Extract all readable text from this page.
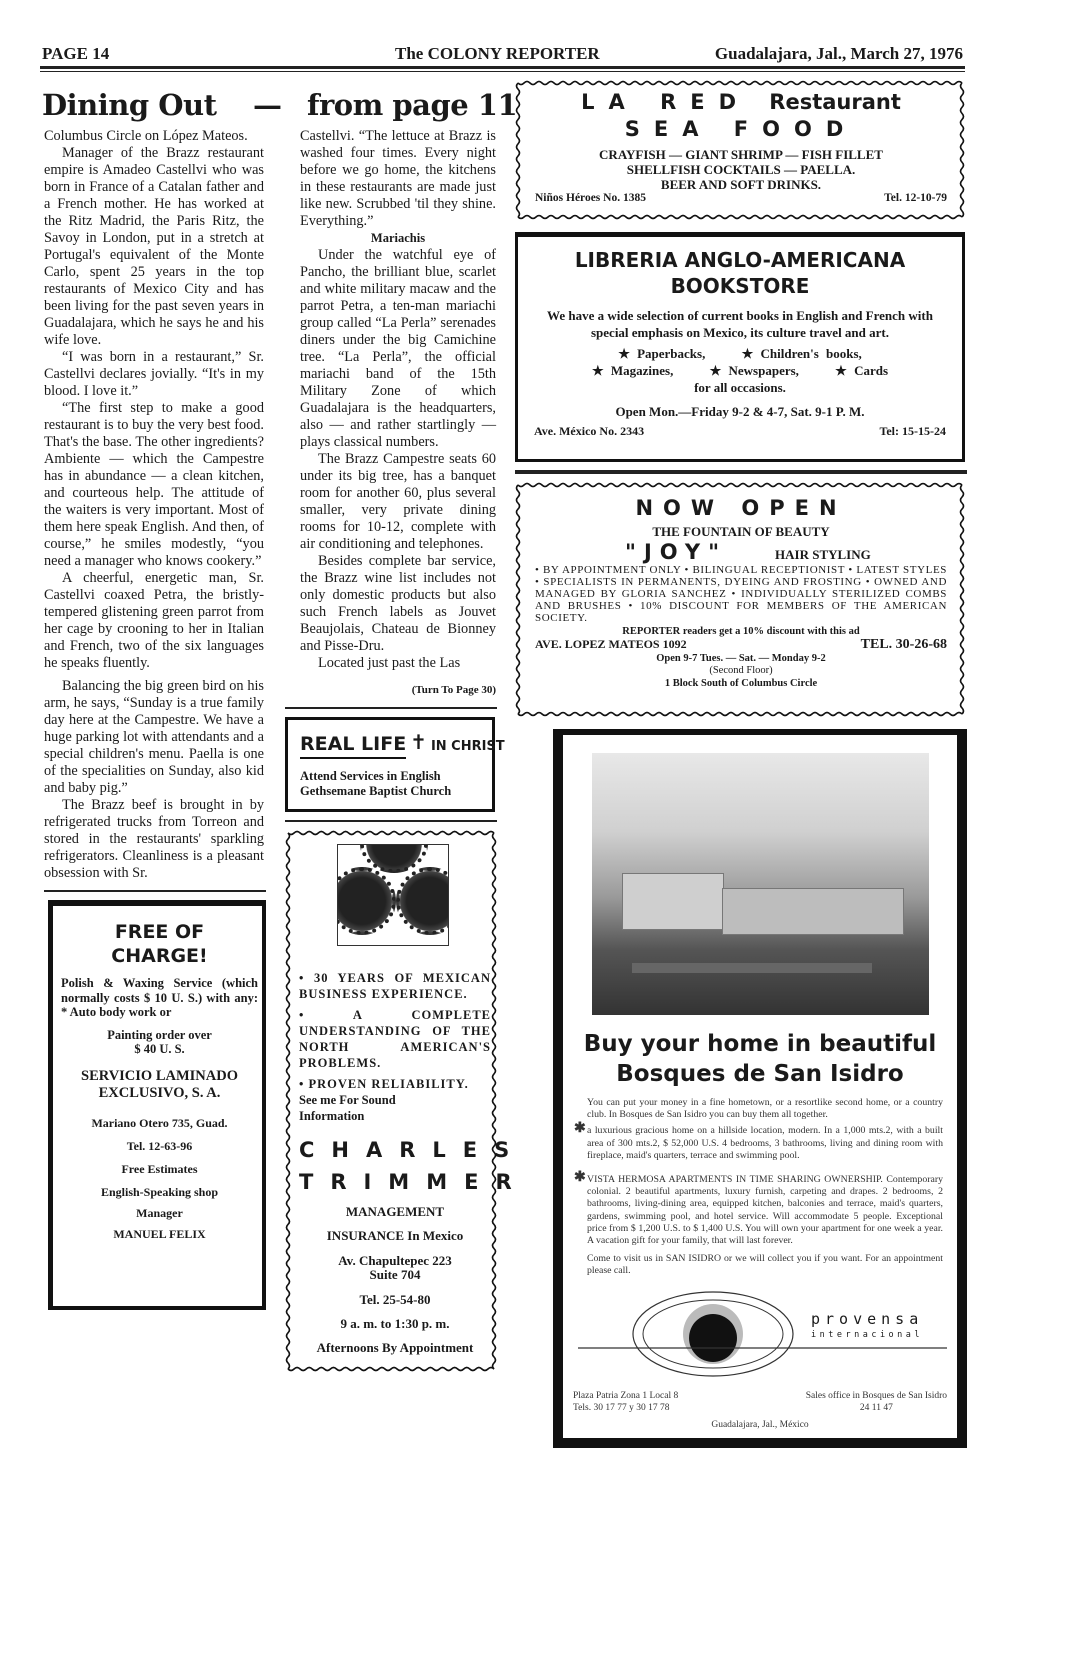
PAGE 14	The COLONY REPORTER	Guadalajara, Jal., March 27, 1976
Dining Out — from page 11

Columbus Circle on López Mateos.

Manager of the Brazz restaurant empire is Amadeo Castellvi who was born in France of a Catalan father and a French mother. He has worked at the Ritz Madrid, the Paris Ritz, the Savoy in London, put in a stretch at Portugal's equivalent of the Monte Carlo, spent 25 years in the top restaurants of Mexico City and has been living for the past seven years in Guadalajara, which he says he and his wife love.

“I was born in a restaurant,” Sr. Castellvi declares jovially. “It's in my blood. I love it.”

“The first step to make a good restaurant is to buy the very best food. That's the base. The other ingredients? Ambiente — which the Campestre has in abundance — a clean kitchen, and courteous help. The attitude of the waiters is very important. Most of them here speak English. And then, of course,” he smiles modestly, “you need a manager who knows cookery.”

A cheerful, energetic man, Sr. Castellvi coaxed Petra, the bristly-tempered glistening green parrot from her cage by crooning to her in Italian and French, two of the six languages he speaks fluently.

Balancing the big green bird on his arm, he says, “Sunday is a true family day here at the Campestre. We have a huge parking lot with attendants and a special children's menu. Paella is one of the specialities on Sunday, also kid and baby pig.”

The Brazz beef is brought in by refrigerated trucks from Torreon and stored in the restaurants' sparkling refrigerators. Cleanliness is a pleasant obsession with Sr.

FREE OF
CHARGE!
Polish & Waxing Service (which normally costs $ 10 U. S.) with any: * Auto body work or
Painting order over
$ 40 U. S.
SERVICIO LAMINADO
EXCLUSIVO, S. A.
Mariano Otero 735, Guad.
Tel. 12-63-96
Free Estimates
English-Speaking shop
Manager
MANUEL FELIX

Castellvi. “The lettuce at Brazz is washed four times. Every night before we go home, the kitchens in these restaurants are made just like new. Scrubbed 'til they shine. Everything.”

Mariachis

Under the watchful eye of Pancho, the brilliant blue, scarlet and white military macaw and the parrot Petra, a ten-man mariachi group called “La Perla” serenades diners under the big Camichine tree. “La Perla”, the official mariachi band of the 15th Military Zone of which Guadalajara is the headquarters, also — and rather startlingly — plays classical numbers.

The Brazz Campestre seats 60 under its big tree, has a banquet room for another 60, plus several smaller, very private dining rooms for 10-12, complete with air conditioning and telephones.

Besides complete bar service, the Brazz wine list includes not only domestic products but also such French labels as Jouvet Beaujolais, Chateau de Bionney and Pisse-Dru.

Located just past the Las

(Turn To Page 30)
REAL LIFE ✝ IN CHRIST
Attend Services in English
Gethsemane Baptist Church
• 30 YEARS OF MEXICAN BUSINESS EXPERIENCE.
• A COMPLETE UNDERSTANDING OF THE NORTH AMERICAN'S PROBLEMS.
• PROVEN RELIABILITY.
See me For Sound Information
CHARLES
TRIMMER
MANAGEMENT
INSURANCE In Mexico
Av. Chapultepec 223
Suite 704
Tel. 25-54-80
9 a. m. to 1:30 p. m.
Afternoons By Appointment
LA RED Restaurant
SEA FOOD
CRAYFISH — GIANT SHRIMP — FISH FILLET
SHELLFISH COCKTAILS — PAELLA.
BEER AND SOFT DRINKS.
Niños Héroes No. 1385	Tel. 12-10-79
LIBRERIA ANGLO-AMERICANA
BOOKSTORE
We have a wide selection of current books in English and French with special emphasis on Mexico, its culture travel and art.
★ Paperbacks,	★ Children's books,
★ Magazines,	★ Newspapers,	★ Cards
for all occasions.
Open Mon.—Friday 9-2 & 4-7, Sat. 9-1 P. M.
Ave. México No. 2343	Tel: 15-15-24
NOW OPEN
THE FOUNTAIN OF BEAUTY
"JOY"	HAIR STYLING
• BY APPOINTMENT ONLY • BILINGUAL RECEPTIONIST • LATEST STYLES • SPECIALISTS IN PERMANENTS, DYEING AND FROSTING • OWNED AND MANAGED BY GLORIA SANCHEZ • INDIVIDUALLY STERILIZED COMBS AND BRUSHES • 10% DISCOUNT FOR MEMBERS OF THE AMERICAN SOCIETY.
REPORTER readers get a 10% discount with this ad
AVE. LOPEZ MATEOS 1092	TEL. 30-26-68
Open 9-7 Tues. — Sat. — Monday 9-2
(Second Floor)
1 Block South of Columbus Circle
Buy your home in beautiful
Bosques de San Isidro
You can put your money in a fine hometown, or a resortlike second home, or a country club. In Bosques de San Isidro you can buy them all together.
✱ a luxurious gracious home on a hillside location, modern. In a 1,000 mts.2, with a built area of 300 mts.2, $ 52,000 U.S. 4 bedrooms, 3 bathrooms, living and dining room with fireplace, maid's quarters, terrace and swimming pool.
✱ VISTA HERMOSA APARTMENTS IN TIME SHARING OWNERSHIP. Contemporary colonial. 2 beautiful apartments, luxury furnish, carpeting and drapes. 2 bedrooms, 2 bathrooms, living-dining area, equipped kitchen, balconies and terrace, maid's quarters, gardens, swimming pool, and hotel service. Will accommodate 5 people. Exceptional price from $ 1,200 U.S. to $ 1,400 U.S. You will own your apartment for one week a year. A vacation gift for your family, that will last forever.
Come to visit us in SAN ISIDRO or we will collect you if you want. For an appointment please call.
provensa
internacional
Plaza Patria Zona 1 Local 8
Tels. 30 17 77 y 30 17 78
Sales office in Bosques de San Isidro
24 11 47
Guadalajara, Jal., México
